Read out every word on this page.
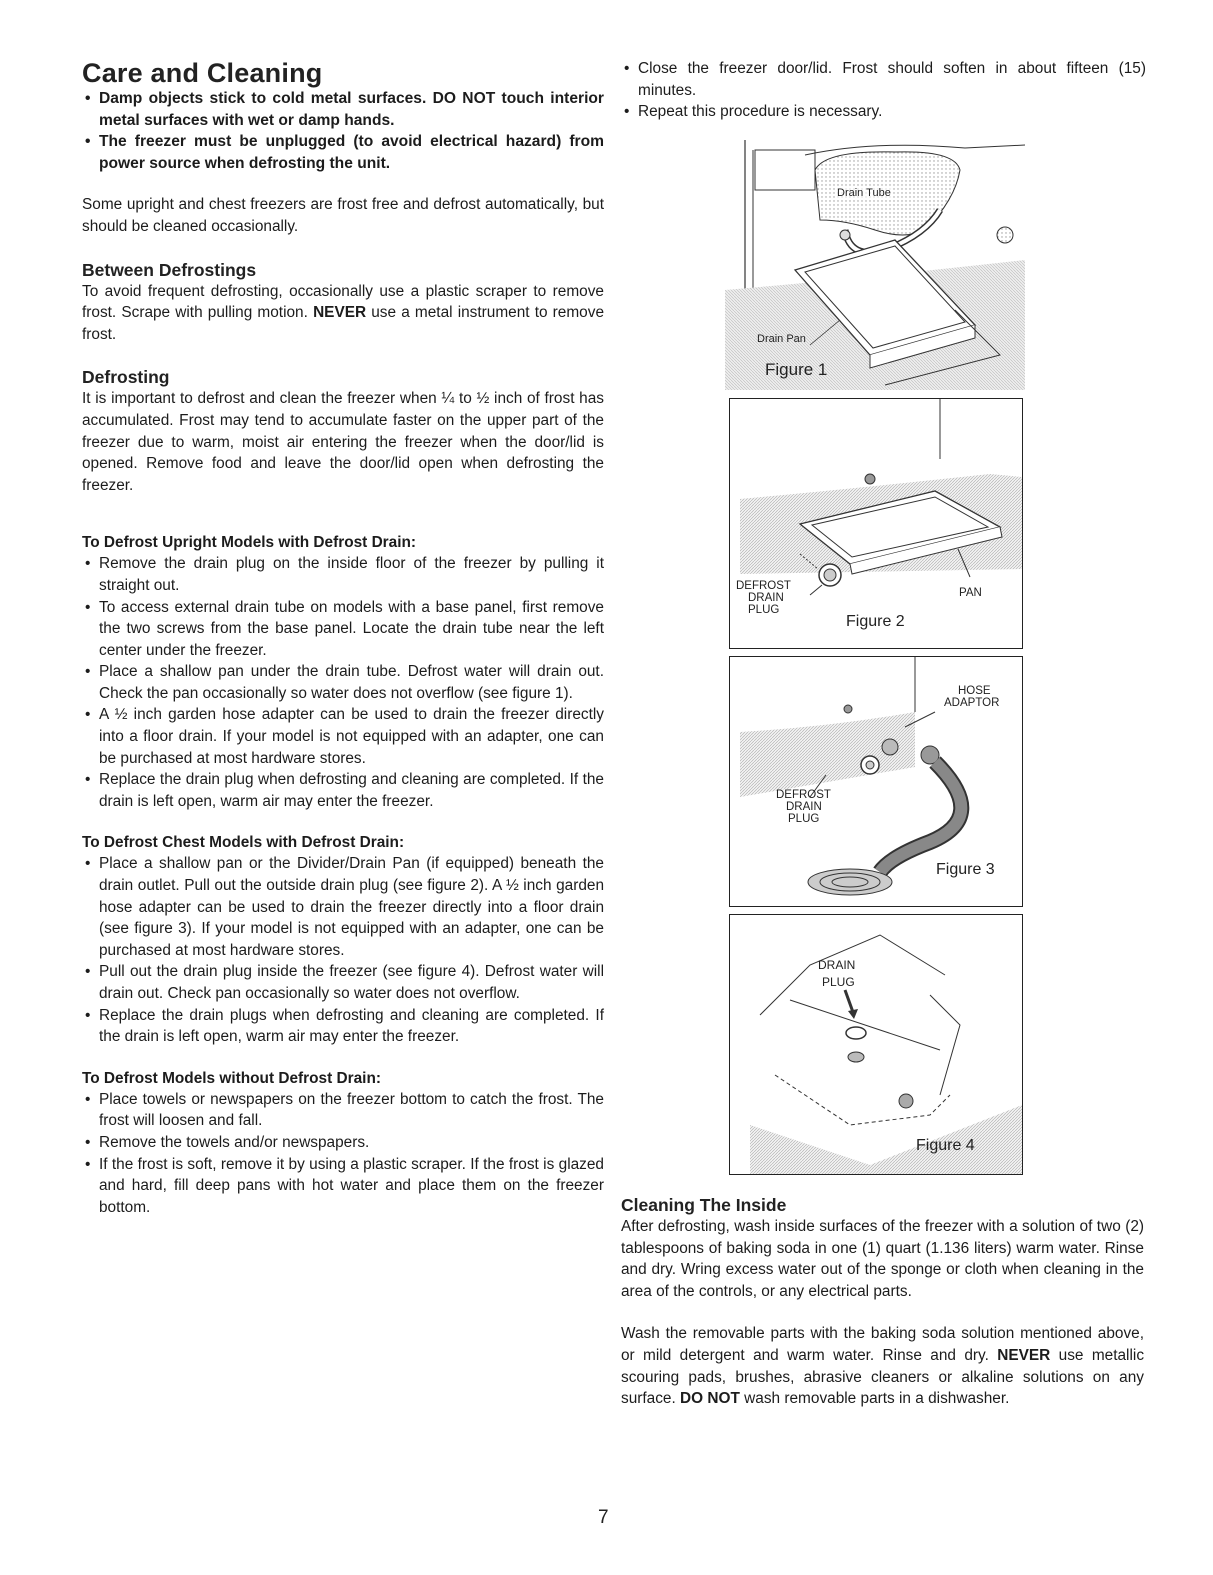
Care and Cleaning
• Damp objects stick to cold metal surfaces. DO NOT touch interior metal surfaces with wet or damp hands.
• The freezer must be unplugged (to avoid electrical hazard) from power source when defrosting the unit.

Some upright and chest freezers are frost free and defrost automatically, but should be cleaned occasionally.

Between Defrostings

To avoid frequent defrosting, occasionally use a plastic scraper to remove frost. Scrape with pulling motion. NEVER use a metal instrument to remove frost.

Defrosting

It is important to defrost and clean the freezer when ¼ to ½ inch of frost has accumulated. Frost may tend to accumulate faster on the upper part of the freezer due to warm, moist air entering the freezer when the door/lid is opened. Remove food and leave the door/lid open when defrosting the freezer.

To Defrost Upright Models with Defrost Drain:
• Remove the drain plug on the inside floor of the freezer by pulling it straight out.
• To access external drain tube on models with a base panel, first remove the two screws from the base panel. Locate the drain tube near the left center under the freezer.
• Place a shallow pan under the drain tube. Defrost water will drain out. Check the pan occasionally so water does not overflow (see figure 1).
• A ½ inch garden hose adapter can be used to drain the freezer directly into a floor drain. If your model is not equipped with an adapter, one can be purchased at most hardware stores.
• Replace the drain plug when defrosting and cleaning are completed. If the drain is left open, warm air may enter the freezer.
To Defrost Chest Models with Defrost Drain:
• Place a shallow pan or the Divider/Drain Pan (if equipped) beneath the drain outlet. Pull out the outside drain plug (see figure 2). A ½ inch garden hose adapter can be used to drain the freezer directly into a floor drain (see figure 3). If your model is not equipped with an adapter, one can be purchased at most hardware stores.
• Pull out the drain plug inside the freezer (see figure 4). Defrost water will drain out. Check pan occasionally so water does not overflow.
• Replace the drain plugs when defrosting and cleaning are completed. If the drain is left open, warm air may enter the freezer.
To Defrost Models without Defrost Drain:
• Place towels or newspapers on the freezer bottom to catch the frost. The frost will loosen and fall.
• Remove the towels and/or newspapers.
• If the frost is soft, remove it by using a plastic scraper. If the frost is glazed and hard, fill deep pans with hot water and place them on the freezer bottom.
• Close the freezer door/lid. Frost should soften in about fifteen (15) minutes.
• Repeat this procedure is necessary.
Drain Tube
Drain Pan
Figure 1
DEFROST
DRAIN
PLUG
PAN
Figure 2
HOSE
ADAPTOR
DEFROST
DRAIN
PLUG
Figure 3
DRAIN
PLUG
Figure 4
Cleaning The Inside

After defrosting, wash inside surfaces of the freezer with a solution of two (2) tablespoons of baking soda in one (1) quart (1.136 liters) warm water. Rinse and dry. Wring excess water out of the sponge or cloth when cleaning in the area of the controls, or any electrical parts.

Wash the removable parts with the baking soda solution mentioned above, or mild detergent and warm water. Rinse and dry. NEVER use metallic scouring pads, brushes, abrasive cleaners or alkaline solutions on any surface. DO NOT wash removable parts in a dishwasher.

7
